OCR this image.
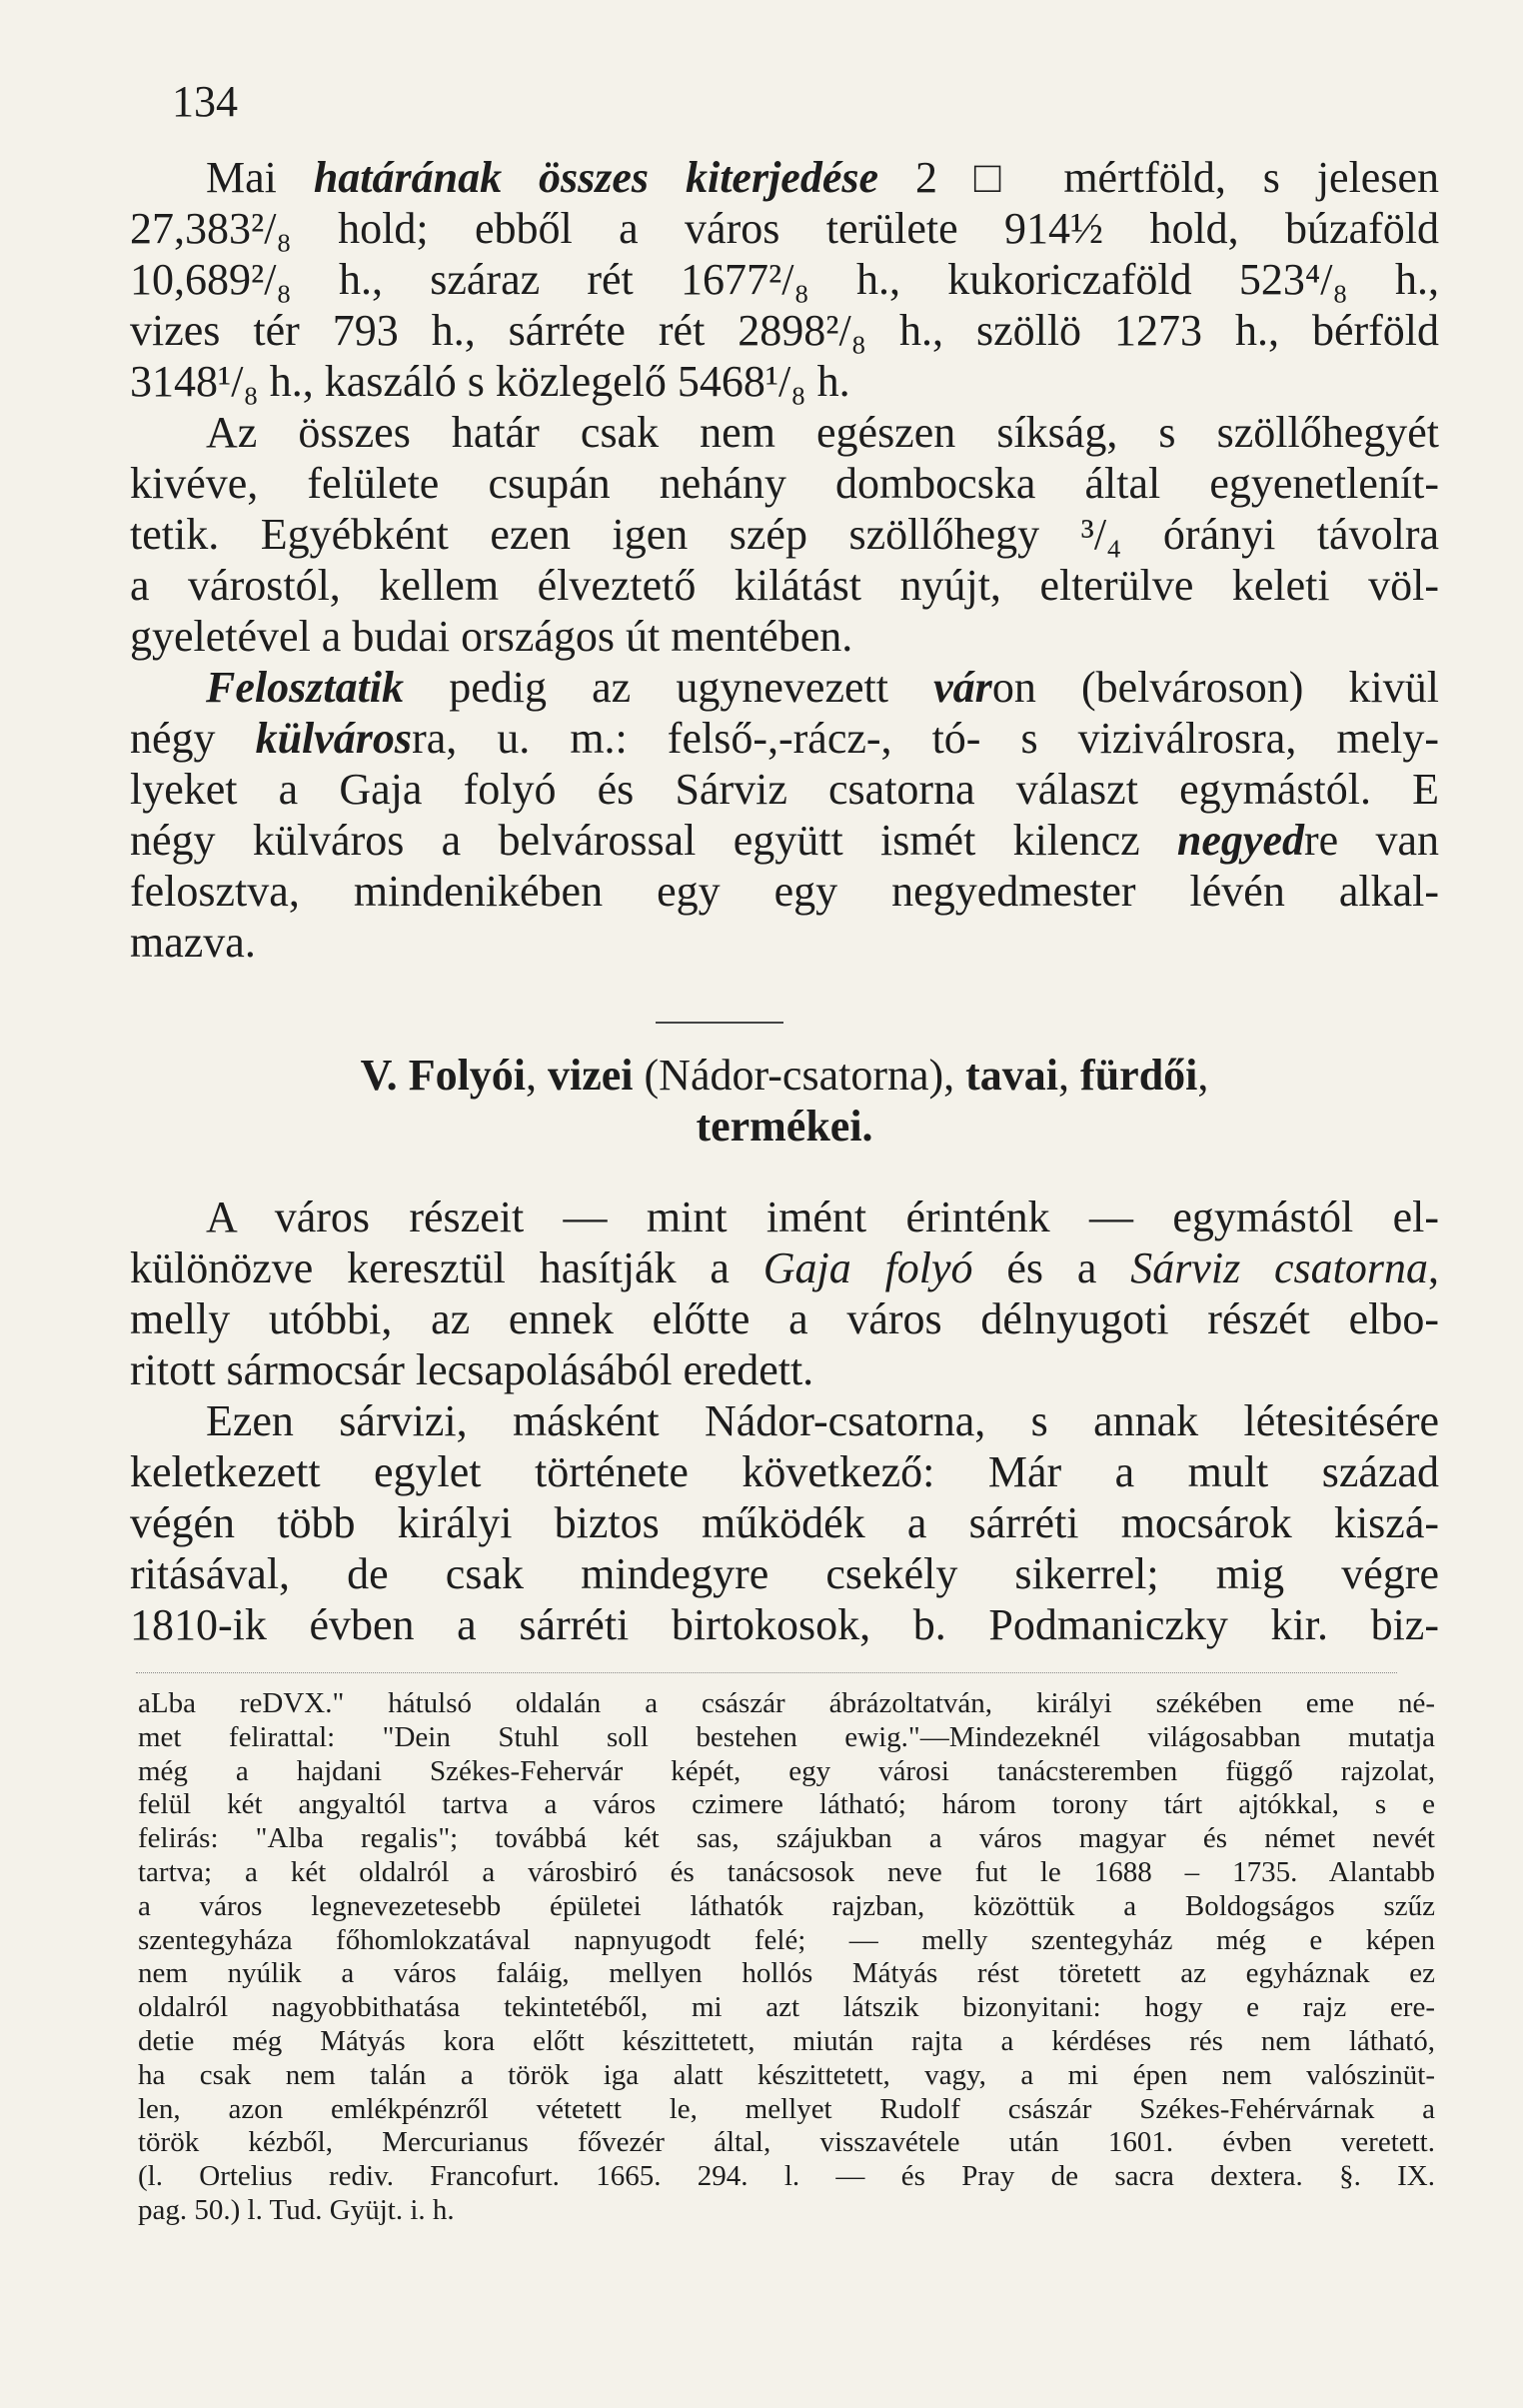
134
Mai határának összes kiterjedése 2 □ mértföld, s jelesen
27,383²/₈ hold; ebből a város területe 914½ hold, búzaföld
10,689²/₈ h., száraz rét 1677²/₈ h., kukoriczaföld 523⁴/₈ h.,
vizes tér 793 h., sárréte rét 2898²/₈ h., szöllö 1273 h., bérföld
3148¹/₈ h., kaszáló s közlegelő 5468¹/₈ h.
Az összes határ csak nem egészen síkság, s szöllőhegyét
kivéve, felülete csupán nehány dombocska által egyenetlenít-
tetik. Egyébként ezen igen szép szöllőhegy ³/₄ órányi távolra
a várostól, kellem élveztető kilátást nyújt, elterülve keleti völ-
gyeletével a budai országos út mentében.
Felosztatik pedig az ugynevezett váron (belvároson) kivül
négy külvárosra, u. m.: felső-,-rácz-, tó- s viziválrosra, mely-
lyeket a Gaja folyó és Sárviz csatorna választ egymástól. E
négy külváros a belvárossal együtt ismét kilencz negyedre van
felosztva, mindenikében egy egy negyedmester lévén alkal-
mazva.
V. Folyói, vizei (Nádor-csatorna), tavai, fürdői,
termékei.
A város részeit — mint imént érinténk — egymástól el-
különözve keresztül hasítják a Gaja folyó és a Sárviz csatorna,
melly utóbbi, az ennek előtte a város délnyugoti részét elbo-
ritott sármocsár lecsapolásából eredett.
Ezen sárvizi, másként Nádor-csatorna, s annak létesitésére
keletkezett egylet története következő: Már a mult század
végén több királyi biztos működék a sárréti mocsárok kiszá-
ritásával, de csak mindegyre csekély sikerrel; mig végre
1810-ik évben a sárréti birtokosok, b. Podmaniczky kir. biz-
aLba reDVX." hátulsó oldalán a császár ábrázoltatván, királyi székében eme né-
met felirattal: "Dein Stuhl soll bestehen ewig."—Mindezeknél világosabban mutatja
még a hajdani Székes-Fehervár képét, egy városi tanácsteremben függő rajzolat,
felül két angyaltól tartva a város czimere látható; három torony tárt ajtókkal, s e
felirás: "Alba regalis"; továbbá két sas, szájukban a város magyar és német nevét
tartva; a két oldalról a városbiró és tanácsosok neve fut le 1688 – 1735. Alantabb
a város legnevezetesebb épületei láthatók rajzban, közöttük a Boldogságos szűz
szentegyháza főhomlokzatával napnyugodt felé; — melly szentegyház még e képen
nem nyúlik a város faláig, mellyen hollós Mátyás rést töretett az egyháznak ez
oldalról nagyobbithatása tekintetéből, mi azt látszik bizonyitani: hogy e rajz ere-
detie még Mátyás kora előtt készittetett, miután rajta a kérdéses rés nem látható,
ha csak nem talán a török iga alatt készittetett, vagy, a mi épen nem valószinüt-
len, azon emlékpénzről vétetett le, mellyet Rudolf császár Székes-Fehérvárnak a
török kézből, Mercurianus fővezér által, visszavétele után 1601. évben veretett.
(l. Ortelius rediv. Francofurt. 1665. 294. l. — és Pray de sacra dextera. §. IX.
pag. 50.) l. Tud. Gyüjt. i. h.
